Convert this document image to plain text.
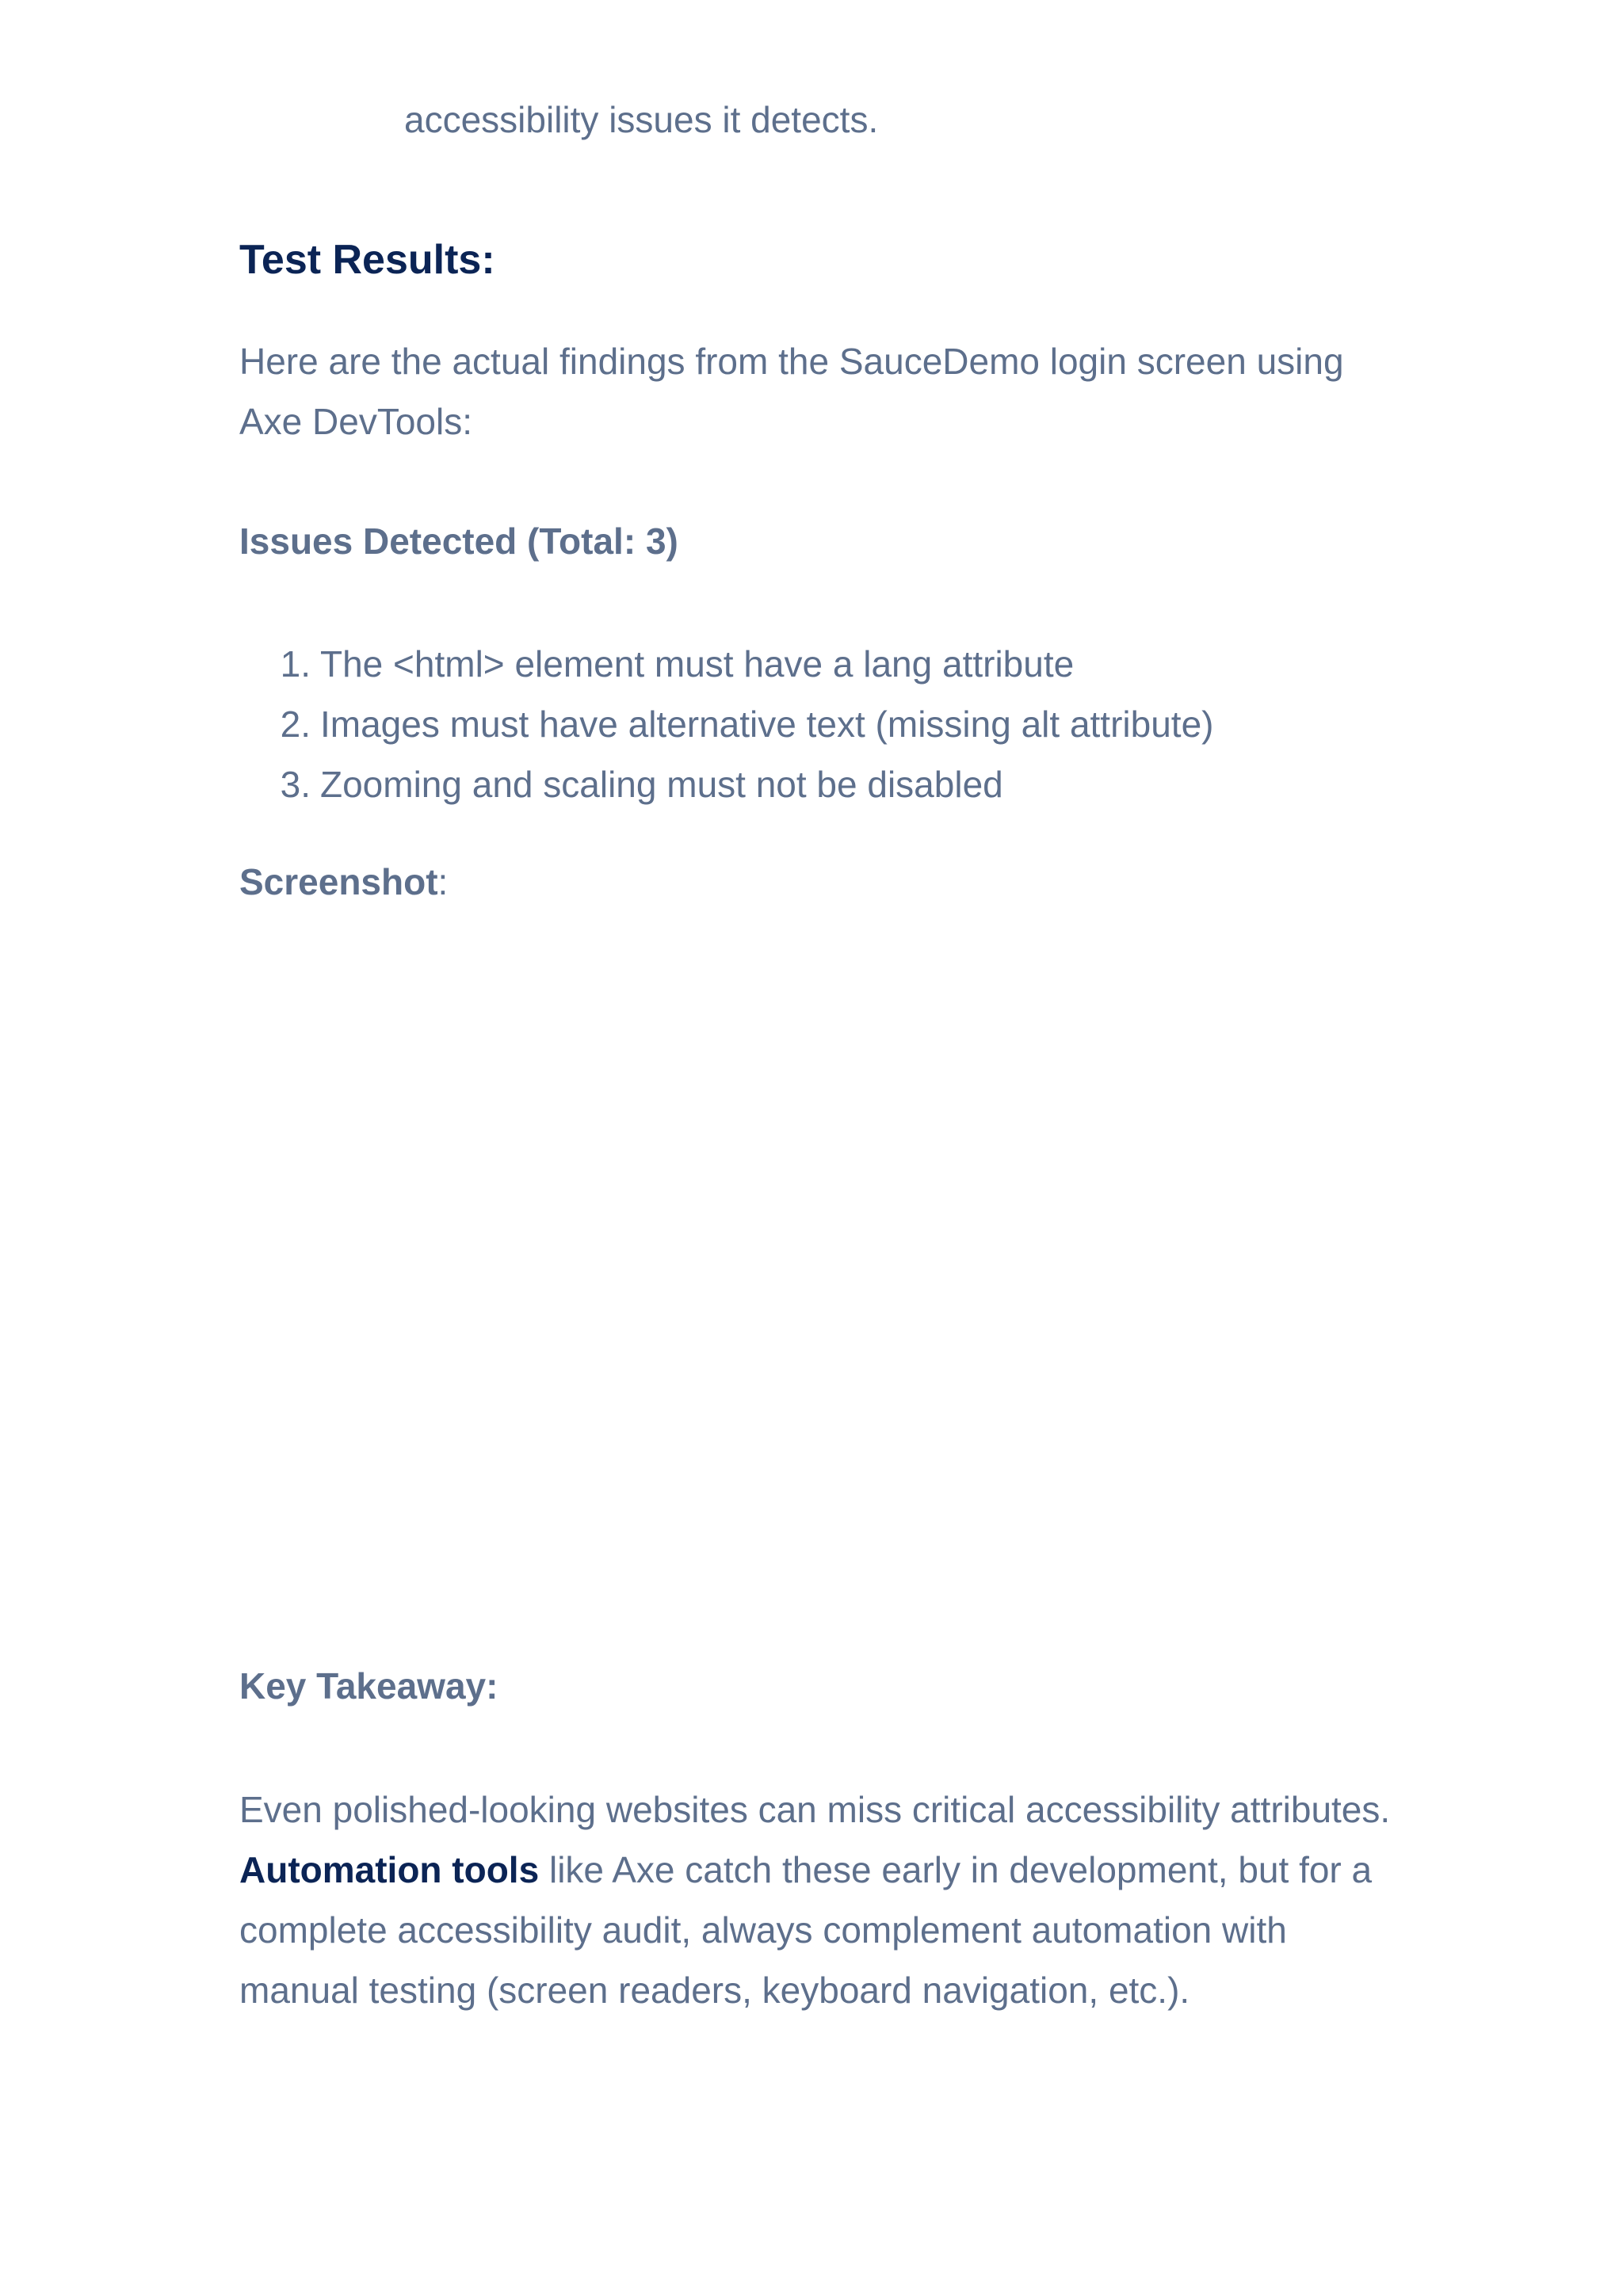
accessibility issues it detects.
Test Results:
Here are the actual findings from the SauceDemo login screen using Axe DevTools:
Issues Detected (Total: 3)
1. The <html> element must have a lang attribute
2. Images must have alternative text (missing alt attribute)
3. Zooming and scaling must not be disabled
Screenshot:
Key Takeaway:
Even polished-looking websites can miss critical accessibility attributes. Automation tools like Axe catch these early in development, but for a complete accessibility audit, always complement automation with manual testing (screen readers, keyboard navigation, etc.).
